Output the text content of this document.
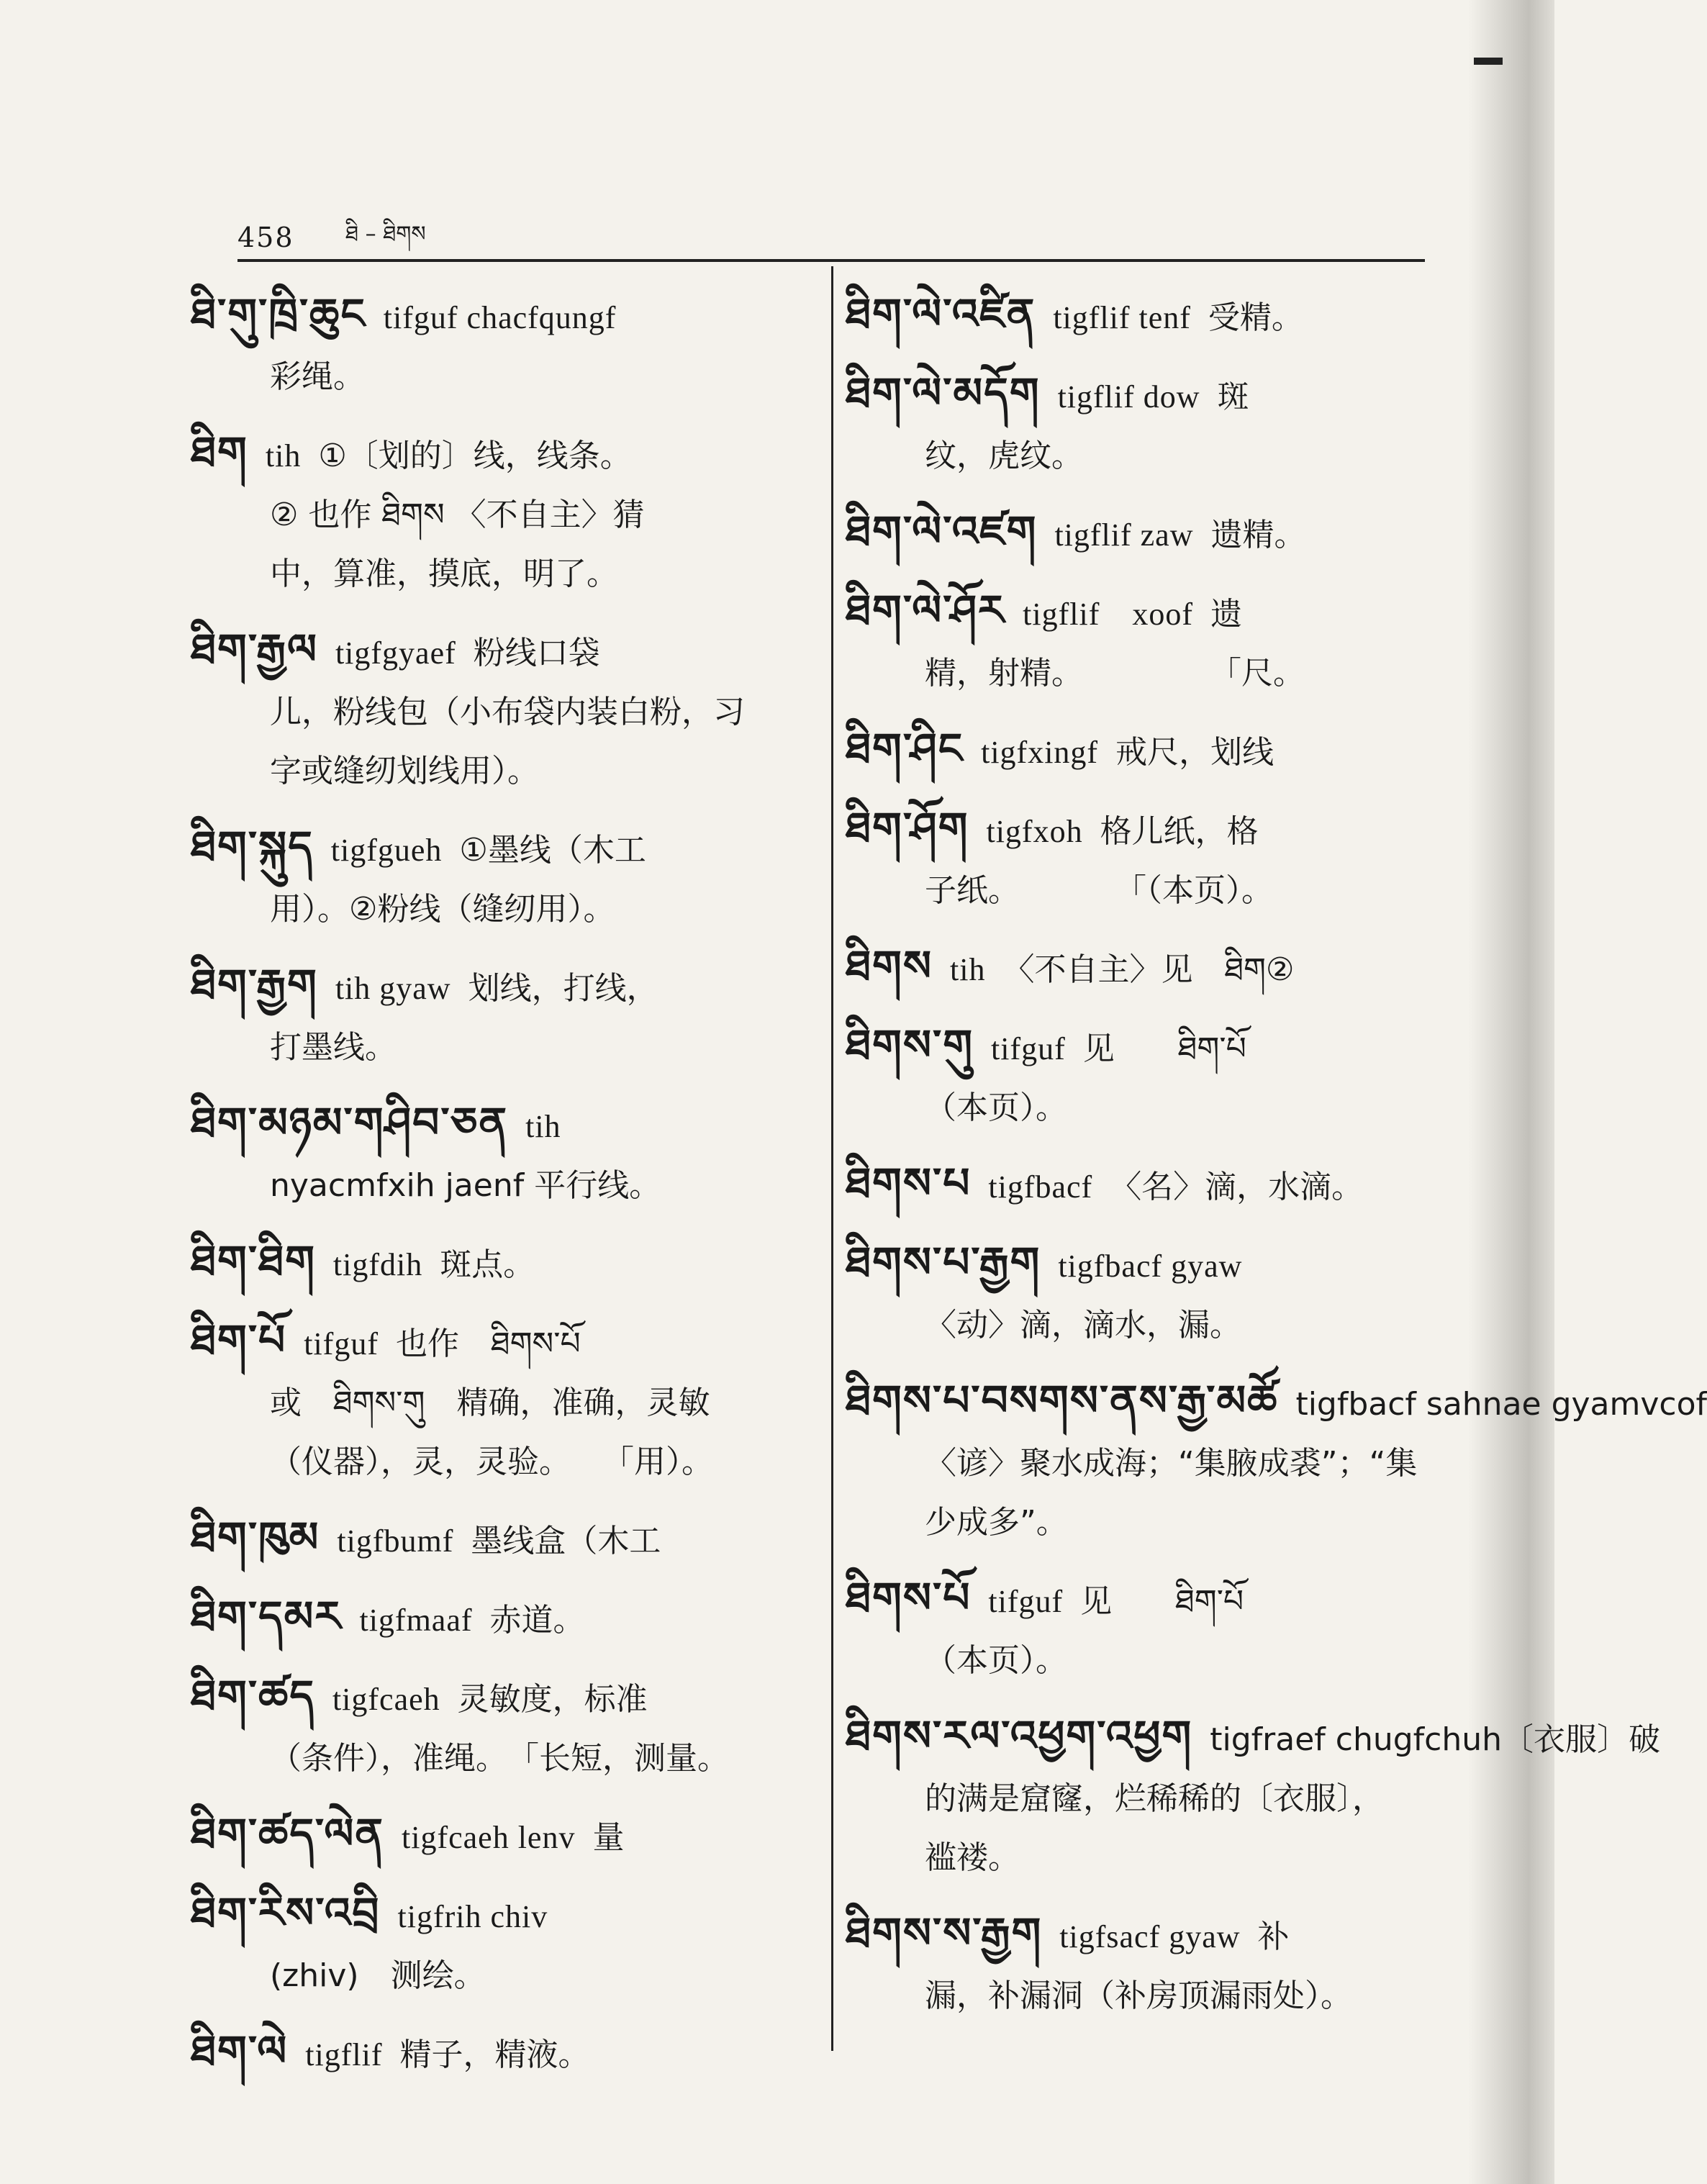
458 ཐི – ཐིགས
ཐི་གུ་ཁྲི་ཆུང tifguf chacfqungf
彩绳。
ཐིག tih ①〔划的〕线，线条。
② 也作 ཐིགས 〈不自主〉猜
中，算准，摸底，明了。
ཐིག་རྒྱལ tigfgyaef 粉线口袋
儿，粉线包（小布袋内装白粉，习
字或缝纫划线用）。
ཐིག་སྐུད tigfgueh ①墨线（木工
用）。②粉线（缝纫用）。
ཐིག་རྒྱག tih gyaw 划线，打线，
打墨线。
ཐིག་མཉམ་གཤིབ་ཅན tih
nyacmfxih jaenf 平行线。
ཐིག་ཐིག tigfdih 斑点。
ཐིག་པོ tifguf 也作　ཐིགས་པོ
或　ཐིགས་གུ　精确，准确，灵敏
（仪器），灵，灵验。　　「用）。
ཐིག་ཁུམ tigfbumf 墨线盒（木工
ཐིག་དམར tigfmaaf 赤道。
ཐིག་ཚད tigfcaeh 灵敏度，标准
（条件），准绳。　「长短，测量。
ཐིག་ཚད་ལེན tigfcaeh lenv 量
ཐིག་རིས་འབྲི tigfrih chiv
(zhiv)　测绘。
ཐིག་ལེ tigflif 精子，精液。
ཐིག་ལེ་འཛིན tigflif tenf 受精。
ཐིག་ལེ་མདོག tigflif dow 斑
纹，虎纹。
ཐིག་ལེ་འཛག tigflif zaw 遗精。
ཐིག་ལེ་ཤོར tigflif　xoof 遗
精，射精。　　　　　「尺。
ཐིག་ཤིང tigfxingf 戒尺，划线
ཐིག་ཤོག tigfxoh 格儿纸，格
子纸。　　　　「（本页）。
ཐིགས tih 〈不自主〉见　ཐིག②
ཐིགས་གུ tifguf 见　　ཐིག་པོ
（本页）。
ཐིགས་པ tigfbacf 〈名〉滴，水滴。
ཐིགས་པ་རྒྱག tigfbacf gyaw
〈动〉滴，滴水，漏。
ཐིགས་པ་བསགས་ནས་རྒྱ་མཚོ tigfbacf sahnae gyamvcof
〈谚〉聚水成海；“集腋成裘”；“集
少成多”。
ཐིགས་པོ tifguf 见　　ཐིག་པོ
（本页）。
ཐིགས་རལ་འཕྱག་འཕྱག tigfraef chugfchuh〔衣服〕破
的满是窟窿，烂稀稀的〔衣服〕，
褴褛。
ཐིགས་ས་རྒྱག tigfsacf gyaw 补
漏，补漏洞（补房顶漏雨处）。
